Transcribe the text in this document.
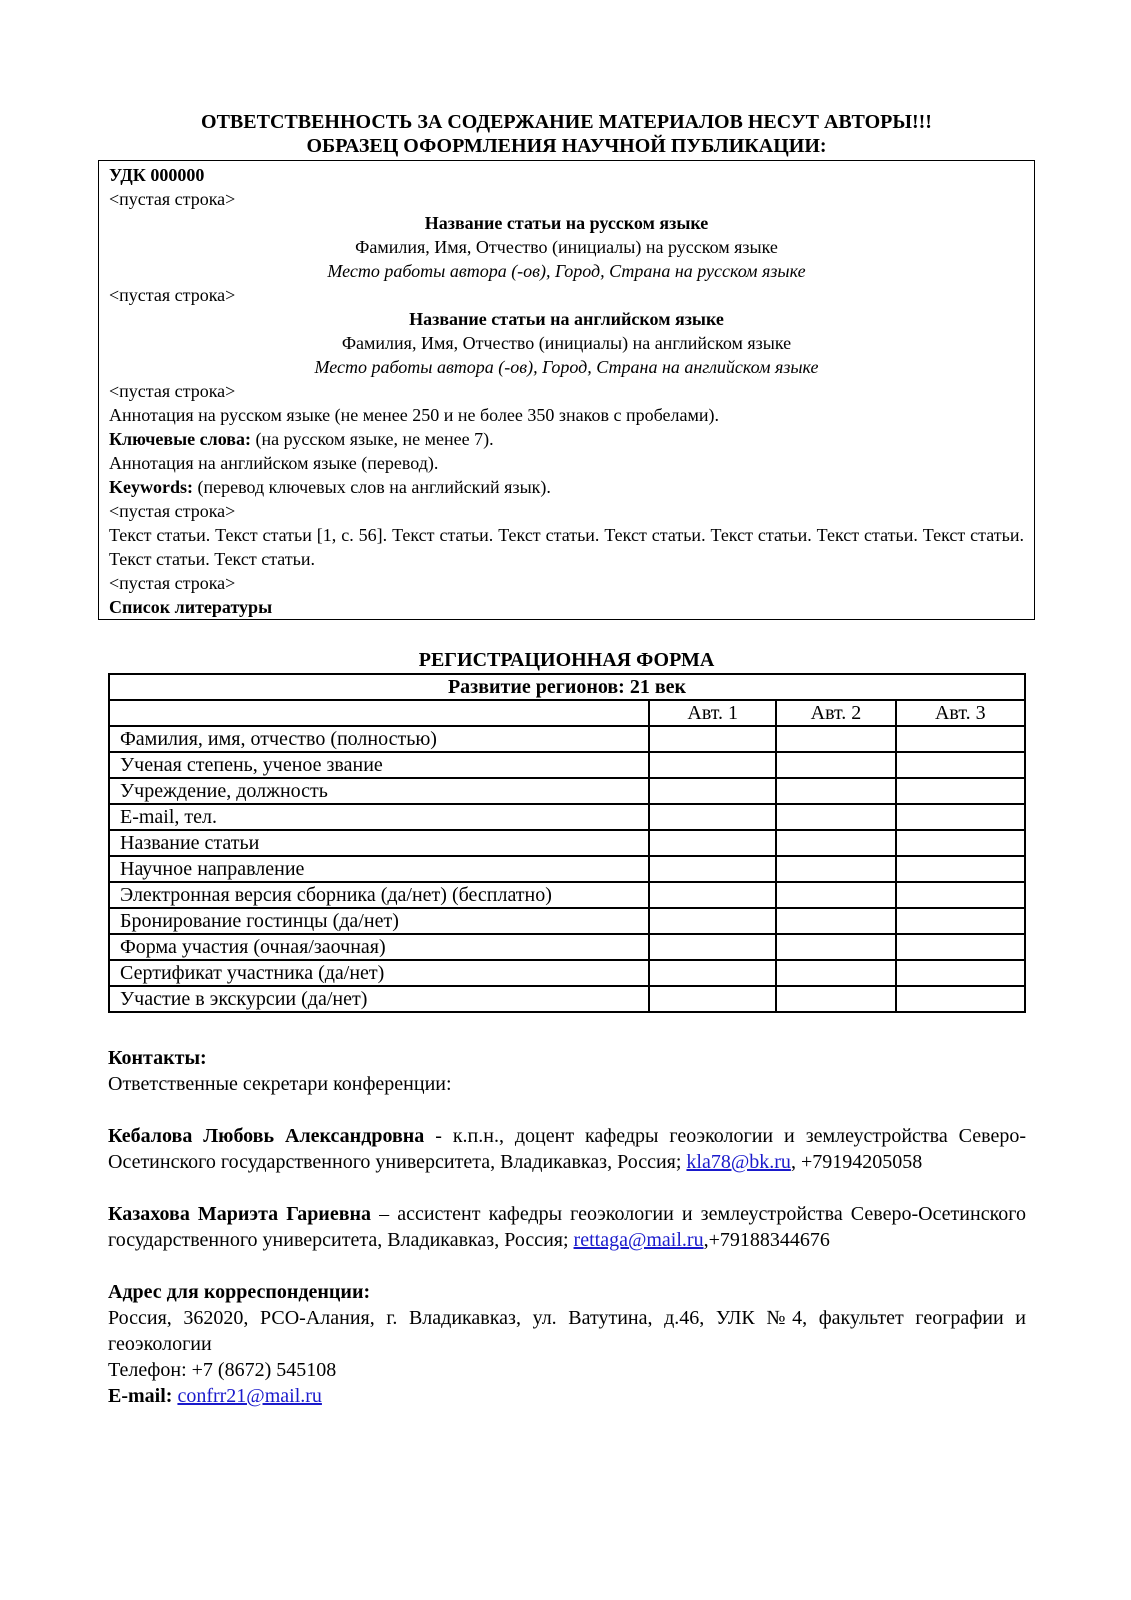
ОТВЕТСТВЕННОСТЬ ЗА СОДЕРЖАНИЕ МАТЕРИАЛОВ НЕСУТ АВТОРЫ!!!

ОБРАЗЕЦ ОФОРМЛЕНИЯ НАУЧНОЙ ПУБЛИКАЦИИ:

УДК 000000

<пустая строка>

Название статьи на русском языке

Фамилия, Имя, Отчество (инициалы) на русском языке

Место работы автора (-ов), Город, Страна на русском языке

<пустая строка>

Название статьи на английском языке

Фамилия, Имя, Отчество (инициалы) на английском языке

Место работы автора (-ов), Город, Страна на английском языке

<пустая строка>

Аннотация на русском языке (не менее 250 и не более 350 знаков с пробелами).

Ключевые слова: (на русском языке, не менее 7).

Аннотация на английском языке (перевод).

Keywords: (перевод ключевых слов на английский язык).

<пустая строка>

Текст статьи. Текст статьи [1, с. 56]. Текст статьи. Текст статьи. Текст статьи. Текст статьи. Текст статьи. Текст статьи. Текст статьи. Текст статьи.

<пустая строка>

Список литературы

РЕГИСТРАЦИОННАЯ ФОРМА

Развитие регионов: 21 век			
	Авт. 1	Авт. 2	Авт. 3
Фамилия, имя, отчество (полностью)			
Ученая степень, ученое звание			
Учреждение, должность			
E-mail, тел.			
Название статьи			
Научное направление			
Электронная версия сборника (да/нет) (бесплатно)			
Бронирование гостинцы (да/нет)			
Форма участия (очная/заочная)			
Сертификат участника (да/нет)			
Участие в экскурсии (да/нет)			

Контакты:

Ответственные секретари конференции:

Кебалова Любовь Александровна - к.п.н., доцент кафедры геоэкологии и землеустройства Северо-Осетинского государственного университета, Владикавказ, Россия; kla78@bk.ru, +79194205058

Казахова Мариэта Гариевна – ассистент кафедры геоэкологии и землеустройства Северо-Осетинского государственного университета, Владикавказ, Россия; rettaga@mail.ru,+79188344676

Адрес для корреспонденции:

Россия, 362020, РСО-Алания, г. Владикавказ, ул. Ватутина, д.46, УЛК №4, факультет географии и геоэкологии

Телефон: +7 (8672) 545108

E-mail: confrr21@mail.ru
